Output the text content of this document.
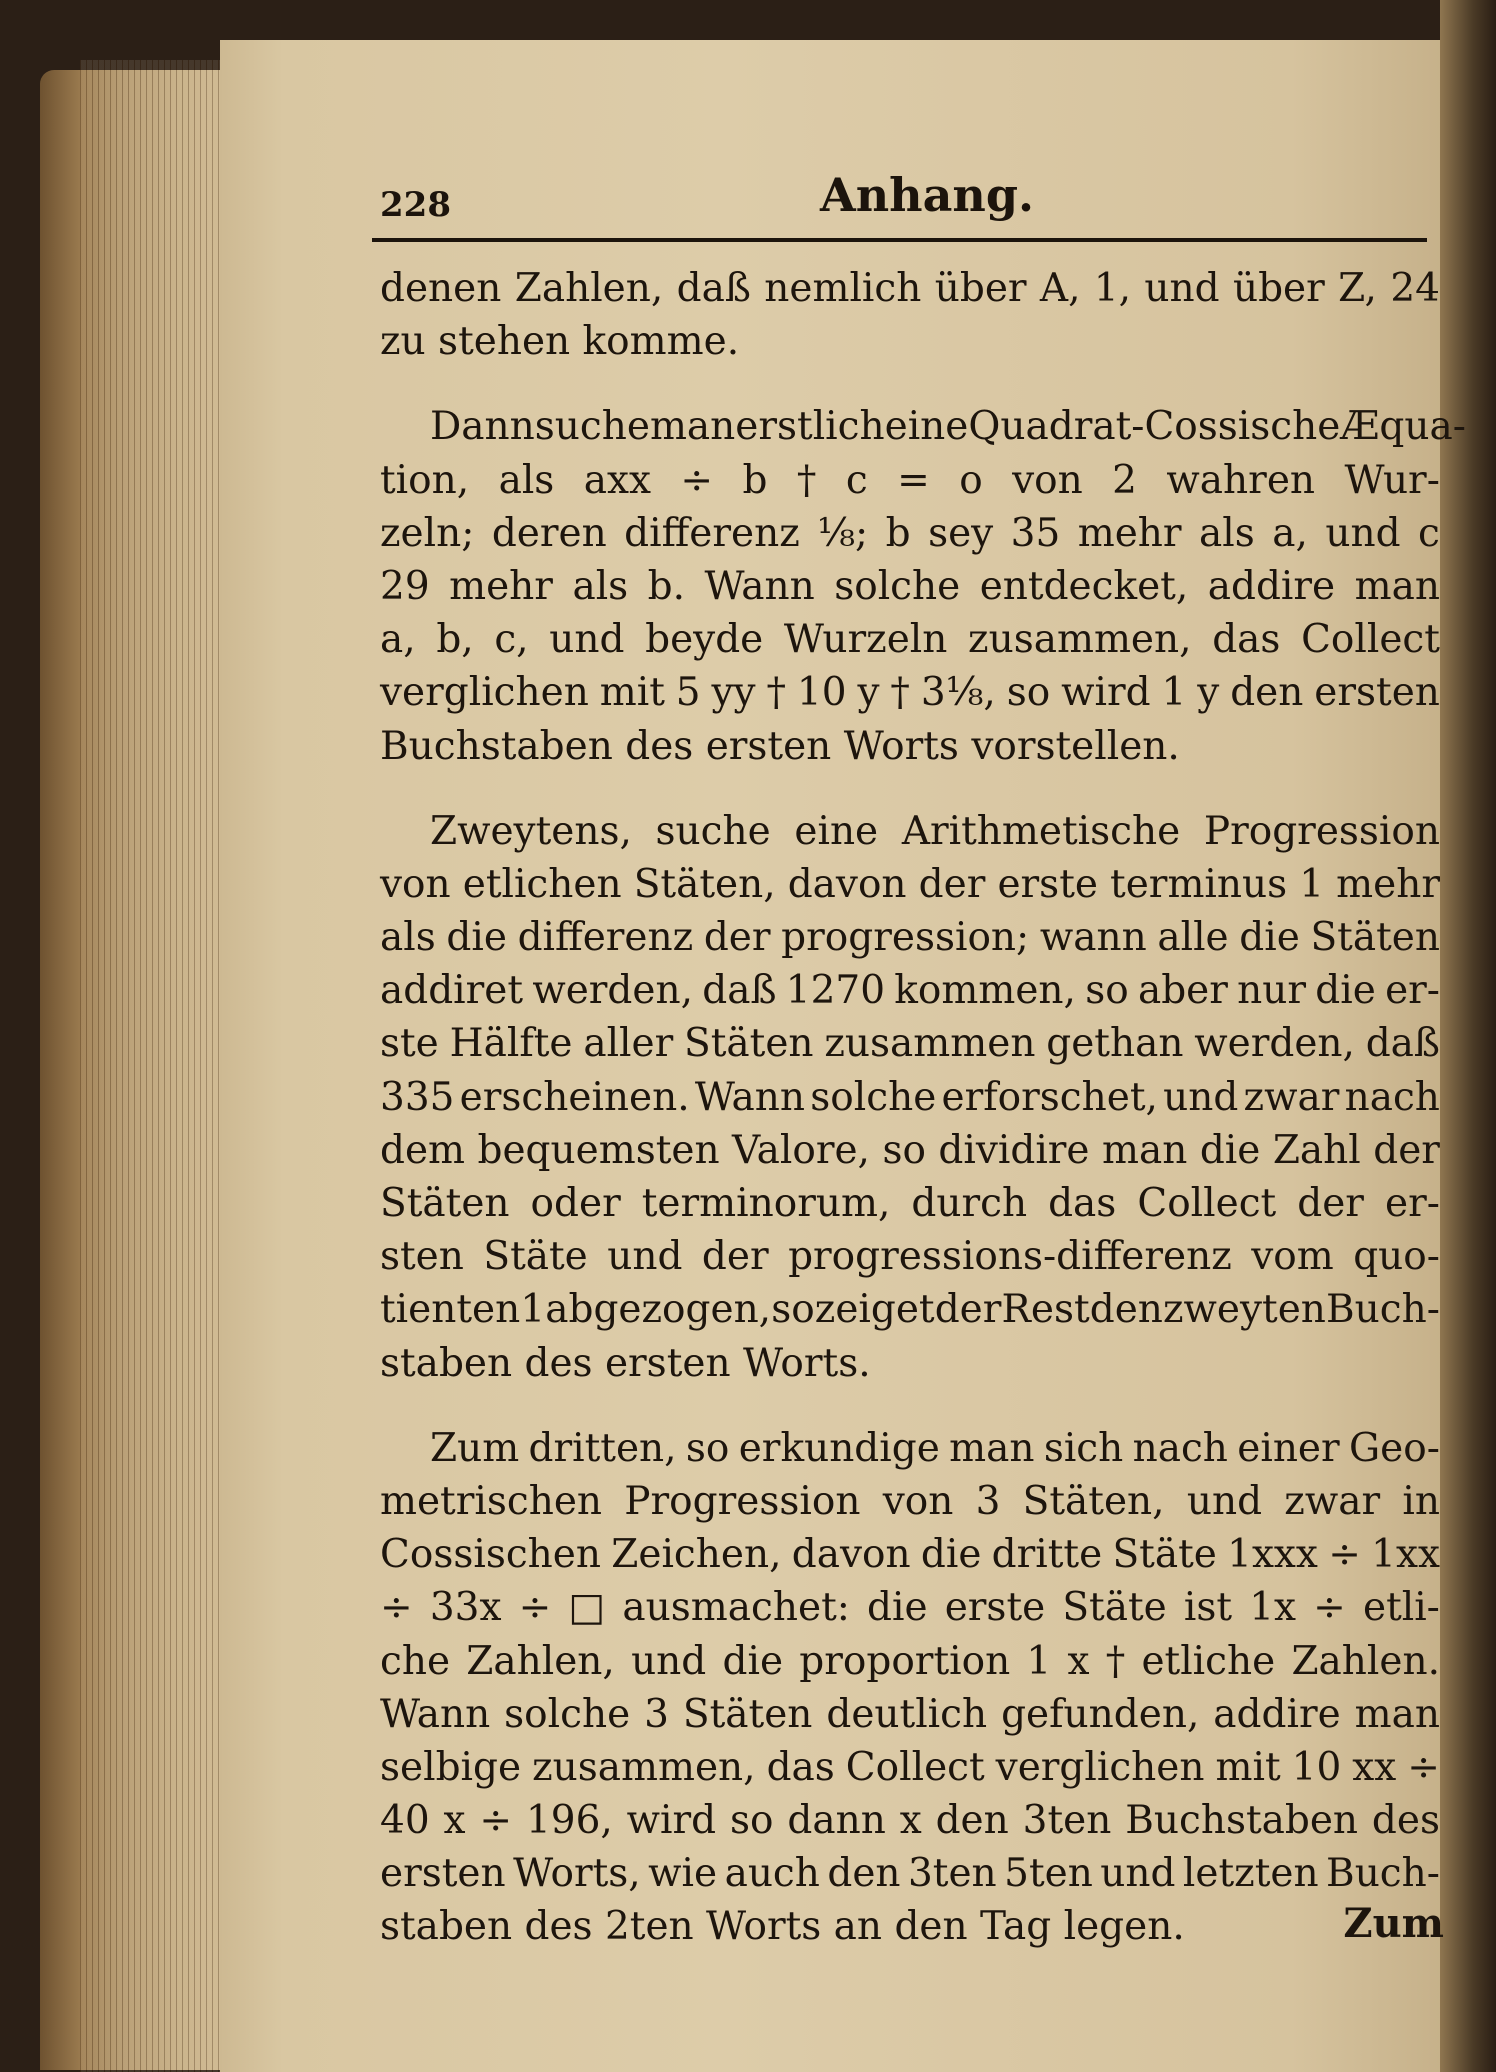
228	Anhang.

denen Zahlen, daß nemlich über A, 1, und über Z, 24
zu stehen komme.
Dann suche man erstlich eine Quadrat-Cossische Æqua-
tion, als axx ÷ b † c = o von 2 wahren Wur-
zeln; deren differenz ⅛; b sey 35 mehr als a, und c
29 mehr als b. Wann solche entdecket, addire man
a, b, c, und beyde Wurzeln zusammen, das Collect
verglichen mit 5 yy † 10 y † 3⅛, so wird 1 y den ersten
Buchstaben des ersten Worts vorstellen.
Zweytens, suche eine Arithmetische Progression
von etlichen Stäten, davon der erste terminus 1 mehr
als die differenz der progression; wann alle die Stäten
addiret werden, daß 1270 kommen, so aber nur die er-
ste Hälfte aller Stäten zusammen gethan werden, daß
335 erscheinen. Wann solche erforschet, und zwar nach
dem bequemsten Valore, so dividire man die Zahl der
Stäten oder terminorum, durch das Collect der er-
sten Stäte und der progressions-differenz vom quo-
tienten 1 abgezogen, so zeiget der Rest den zweyten Buch-
staben des ersten Worts.
Zum dritten, so erkundige man sich nach einer Geo-
metrischen Progression von 3 Stäten, und zwar in
Cossischen Zeichen, davon die dritte Stäte 1xxx ÷ 1xx
÷ 33x ÷ □ ausmachet: die erste Stäte ist 1x ÷ etli-
che Zahlen, und die proportion 1 x † etliche Zahlen.
Wann solche 3 Stäten deutlich gefunden, addire man
selbige zusammen, das Collect verglichen mit 10 xx ÷
40 x ÷ 196, wird so dann x den 3ten Buchstaben des
ersten Worts, wie auch den 3ten 5ten und letzten Buch-
staben des 2ten Worts an den Tag legen.	Zum
